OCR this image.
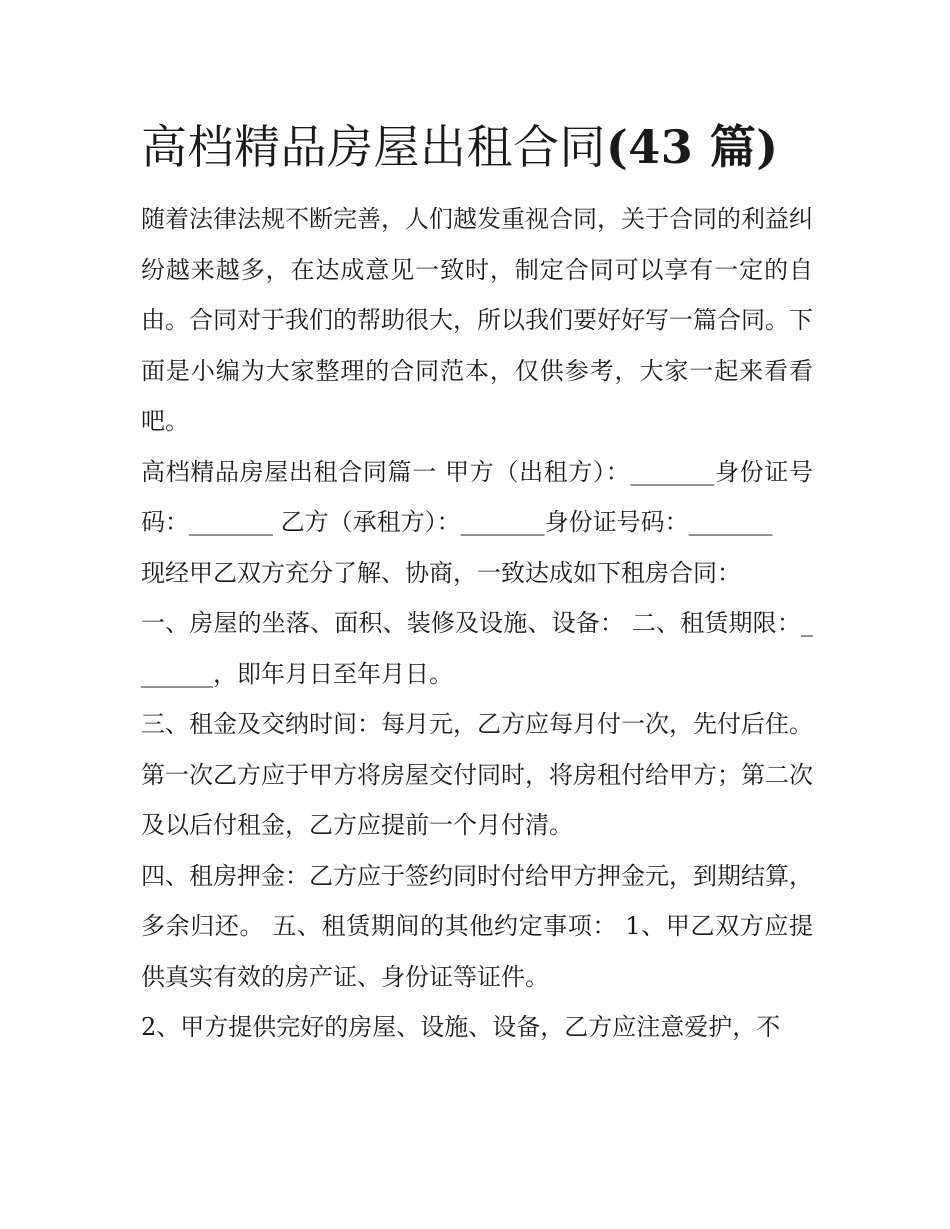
高档精品房屋出租合同(43 篇)

随着法律法规不断完善，人们越发重视合同，关于合同的利益纠纷越来越多，在达成意见一致时，制定合同可以享有一定的自由。合同对于我们的帮助很大，所以我们要好好写一篇合同。下面是小编为大家整理的合同范本，仅供参考，大家一起来看看吧。

高档精品房屋出租合同篇一 甲方（出租方）：_______身份证号码：_______ 乙方（承租方）：_______身份证号码：_______

现经甲乙双方充分了解、协商，一致达成如下租房合同：

一、房屋的坐落、面积、装修及设施、设备： 二、租赁期限：_______，即年月日至年月日。

三、租金及交纳时间：每月元，乙方应每月付一次，先付后住。第一次乙方应于甲方将房屋交付同时，将房租付给甲方；第二次及以后付租金，乙方应提前一个月付清。

四、租房押金：乙方应于签约同时付给甲方押金元，到期结算，多余归还。 五、租赁期间的其他约定事项： 1、甲乙双方应提供真实有效的房产证、身份证等证件。

2、甲方提供完好的房屋、设施、设备，乙方应注意爱护，不
